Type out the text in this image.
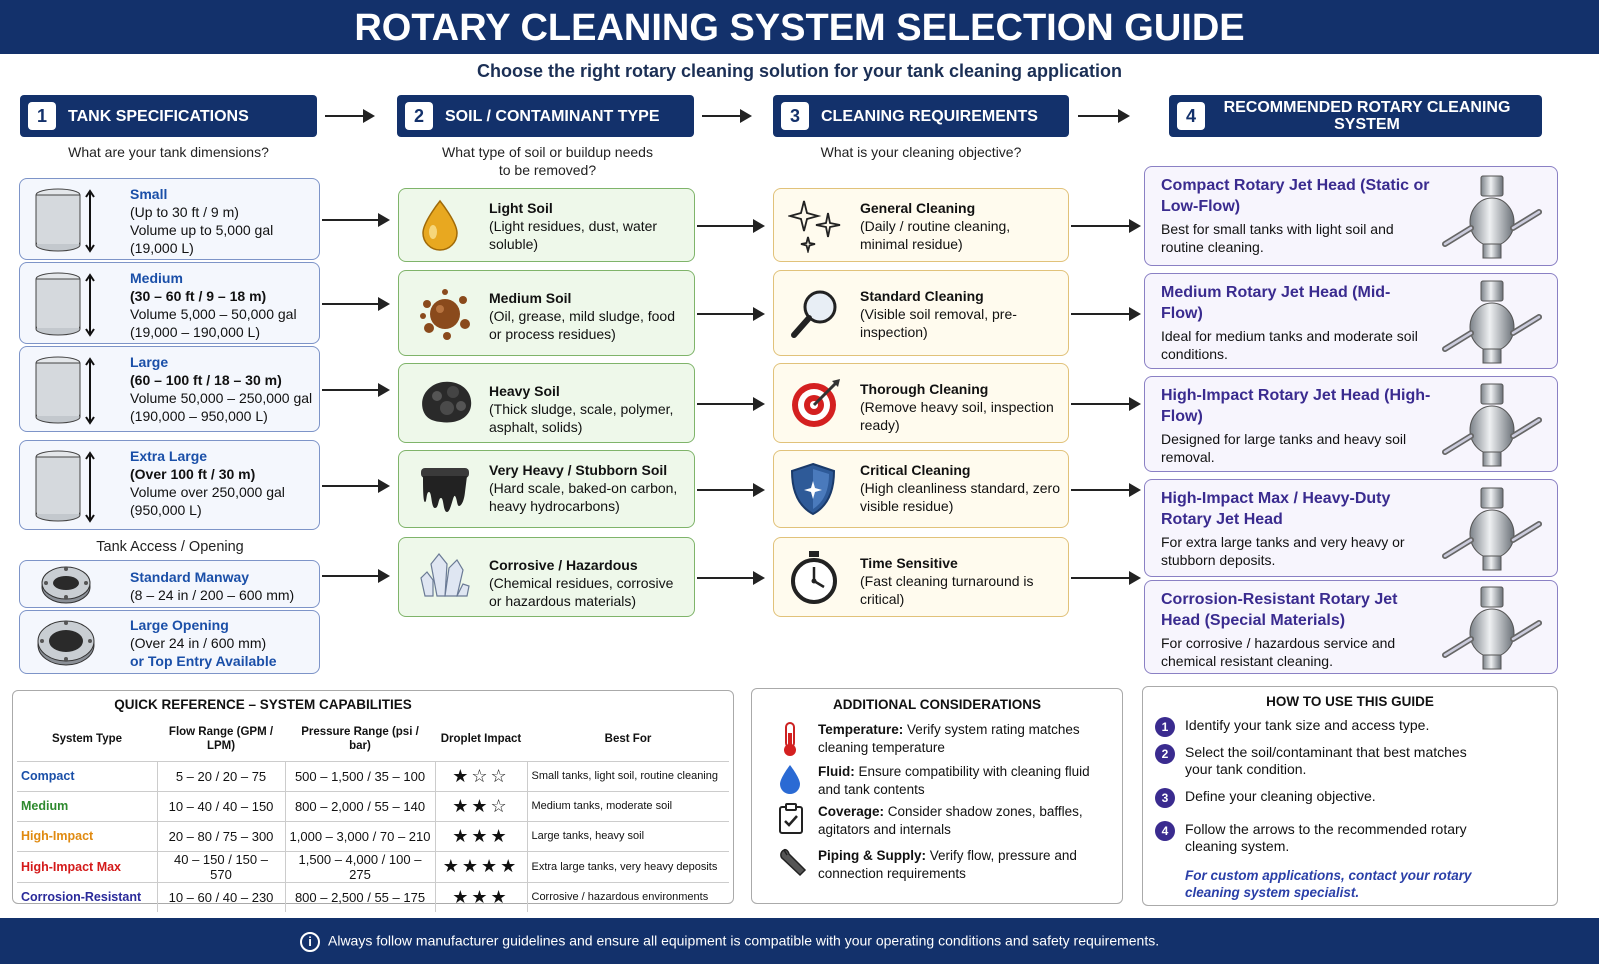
ROTARY CLEANING SYSTEM SELECTION GUIDE
Choose the right rotary cleaning solution for your tank cleaning application
1	TANK SPECIFICATIONS	2	SOIL / CONTAMINANT TYPE	3	CLEANING REQUIREMENTS	4	RECOMMENDED ROTARY CLEANING SYSTEM
What are your tank dimensions?	What type of soil or buildup needs to be removed?
What is your cleaning objective?
Small
(Up to 30 ft / 9 m)
Volume up to 5,000 gal
(19,000 L)
Medium
(30 – 60 ft / 9 – 18 m)
Volume 5,000 – 50,000 gal
(19,000 – 190,000 L)
Large
(60 – 100 ft / 18 – 30 m)
Volume 50,000 – 250,000 gal
(190,000 – 950,000 L)
Extra Large
(Over 100 ft / 30 m)
Volume over 250,000 gal
(950,000 L)
Tank Access / Opening
Standard Manway
(8 – 24 in / 200 – 600 mm)
Large Opening
(Over 24 in / 600 mm)
or Top Entry Available
Light Soil
(Light residues, dust, water soluble)
Medium Soil
(Oil, grease, mild sludge, food or process residues)
Heavy Soil
(Thick sludge, scale, polymer, asphalt, solids)
Very Heavy / Stubborn Soil
(Hard scale, baked-on carbon, heavy hydrocarbons)
Corrosive / Hazardous
(Chemical residues, corrosive or hazardous materials)
General Cleaning
(Daily / routine cleaning, minimal residue)
Standard Cleaning
(Visible soil removal, pre-inspection)
Thorough Cleaning
(Remove heavy soil, inspection ready)
Critical Cleaning
(High cleanliness standard, zero visible residue)
Time Sensitive
(Fast cleaning turnaround is critical)
Compact Rotary Jet Head (Static or Low-Flow)
Best for small tanks with light soil and routine cleaning.
Medium Rotary Jet Head (Mid-Flow)
Ideal for medium tanks and moderate soil conditions.
High-Impact Rotary Jet Head (High-Flow)
Designed for large tanks and heavy soil removal.
High-Impact Max / Heavy-Duty Rotary Jet Head
For extra large tanks and very heavy or stubborn deposits.
Corrosion-Resistant Rotary Jet Head (Special Materials)
For corrosive / hazardous service and chemical resistant cleaning.
QUICK REFERENCE – SYSTEM CAPABILITIES
System Type	Flow Range (GPM / LPM)	Pressure Range (psi / bar)	Droplet Impact	Best For
Compact	5 – 20 / 20 – 75	500 – 1,500 / 35 – 100	★☆☆	Small tanks, light soil, routine cleaning
Medium	10 – 40 / 40 – 150	800 – 2,000 / 55 – 140	★★☆	Medium tanks, moderate soil
High-Impact	20 – 80 / 75 – 300	1,000 – 3,000 / 70 – 210	★★★	Large tanks, heavy soil
High-Impact Max	40 – 150 / 150 – 570	1,500 – 4,000 / 100 – 275	★★★★	Extra large tanks, very heavy deposits
Corrosion-Resistant	10 – 60 / 40 – 230	800 – 2,500 / 55 – 175	★★★	Corrosive / hazardous environments
ADDITIONAL CONSIDERATIONS
Temperature: Verify system rating matches cleaning temperature
Fluid: Ensure compatibility with cleaning fluid and tank contents
Coverage: Consider shadow zones, baffles, agitators and internals
Piping & Supply: Verify flow, pressure and connection requirements
HOW TO USE THIS GUIDE
1	Identify your tank size and access type.
2	Select the soil/contaminant that best matches your tank condition.
3	Define your cleaning objective.
4	Follow the arrows to the recommended rotary cleaning system.
For custom applications, contact your rotary cleaning system specialist.
i Always follow manufacturer guidelines and ensure all equipment is compatible with your operating conditions and safety requirements.
